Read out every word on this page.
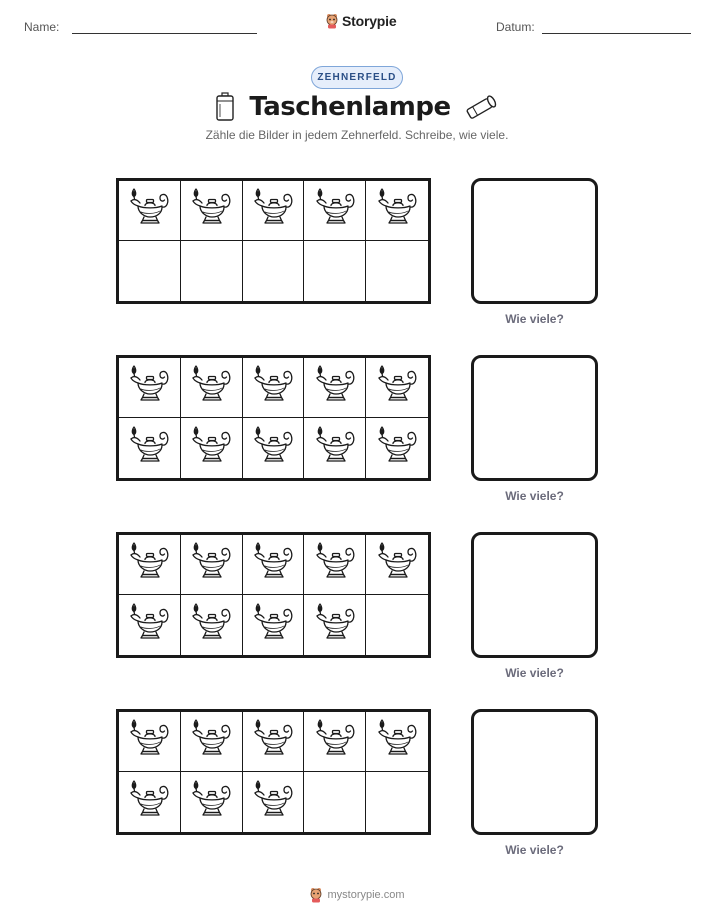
Name:	Storypie	Datum:
ZEHNERFELD
Taschenlampe
Zähle die Bilder in jedem Zehnerfeld. Schreibe, wie viele.
Wie viele?
Wie viele?
Wie viele?
Wie viele?
mystorypie.com
